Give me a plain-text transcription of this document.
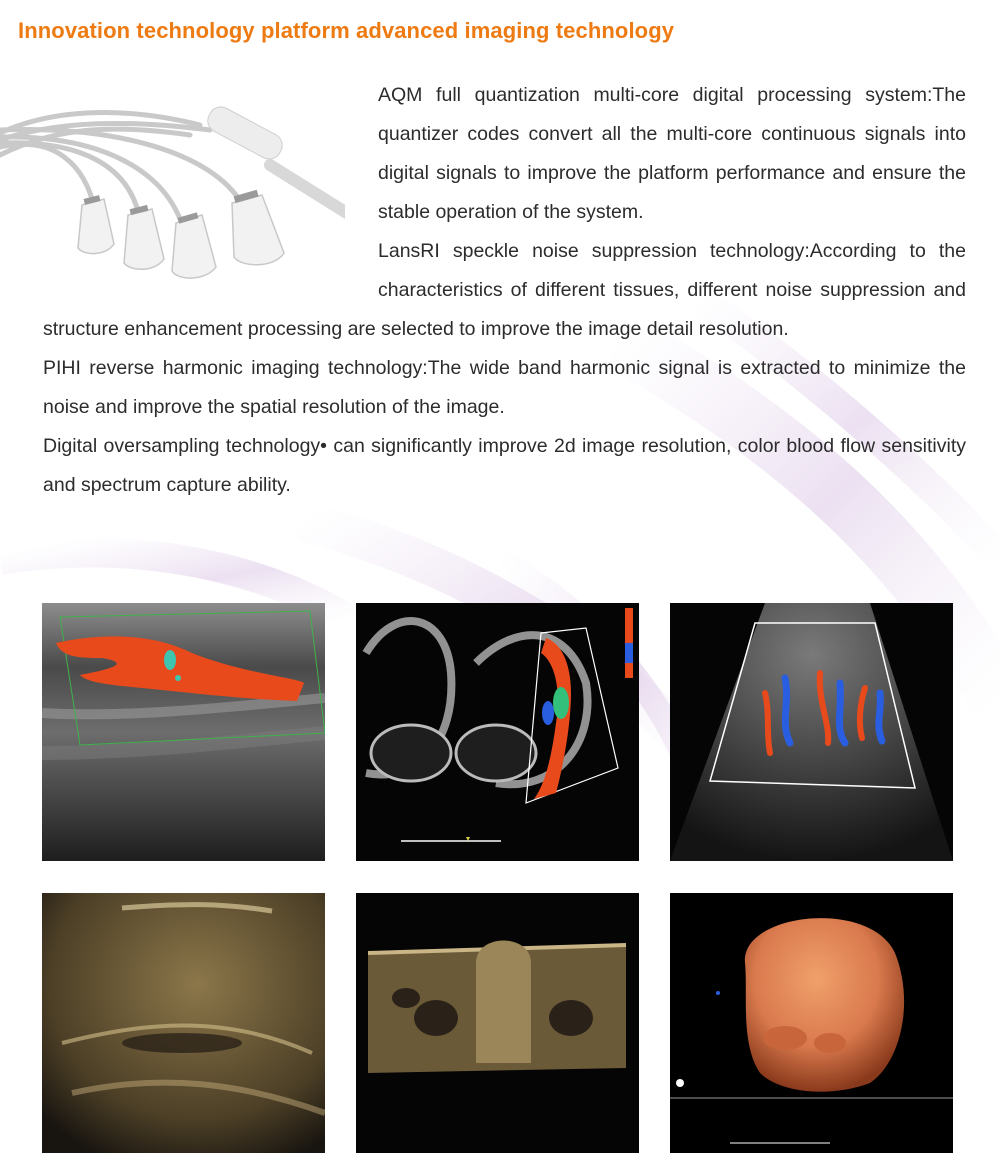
Innovation technology platform advanced imaging technology

AQM full quantization multi-core digital processing system:The quantizer codes convert all the multi-core continuous signals into digital signals to improve the platform performance and ensure the stable operation of the system.

LansRI speckle noise suppression technology:According to the characteristics of different tissues, different noise suppression and structure enhancement processing are selected to improve the image detail resolution.

PIHI reverse harmonic imaging technology:The wide band harmonic signal is extracted to minimize the noise and improve the spatial resolution of the image.

Digital oversampling technology• can significantly improve 2d image resolution, color blood flow sensitivity and spectrum capture ability.
